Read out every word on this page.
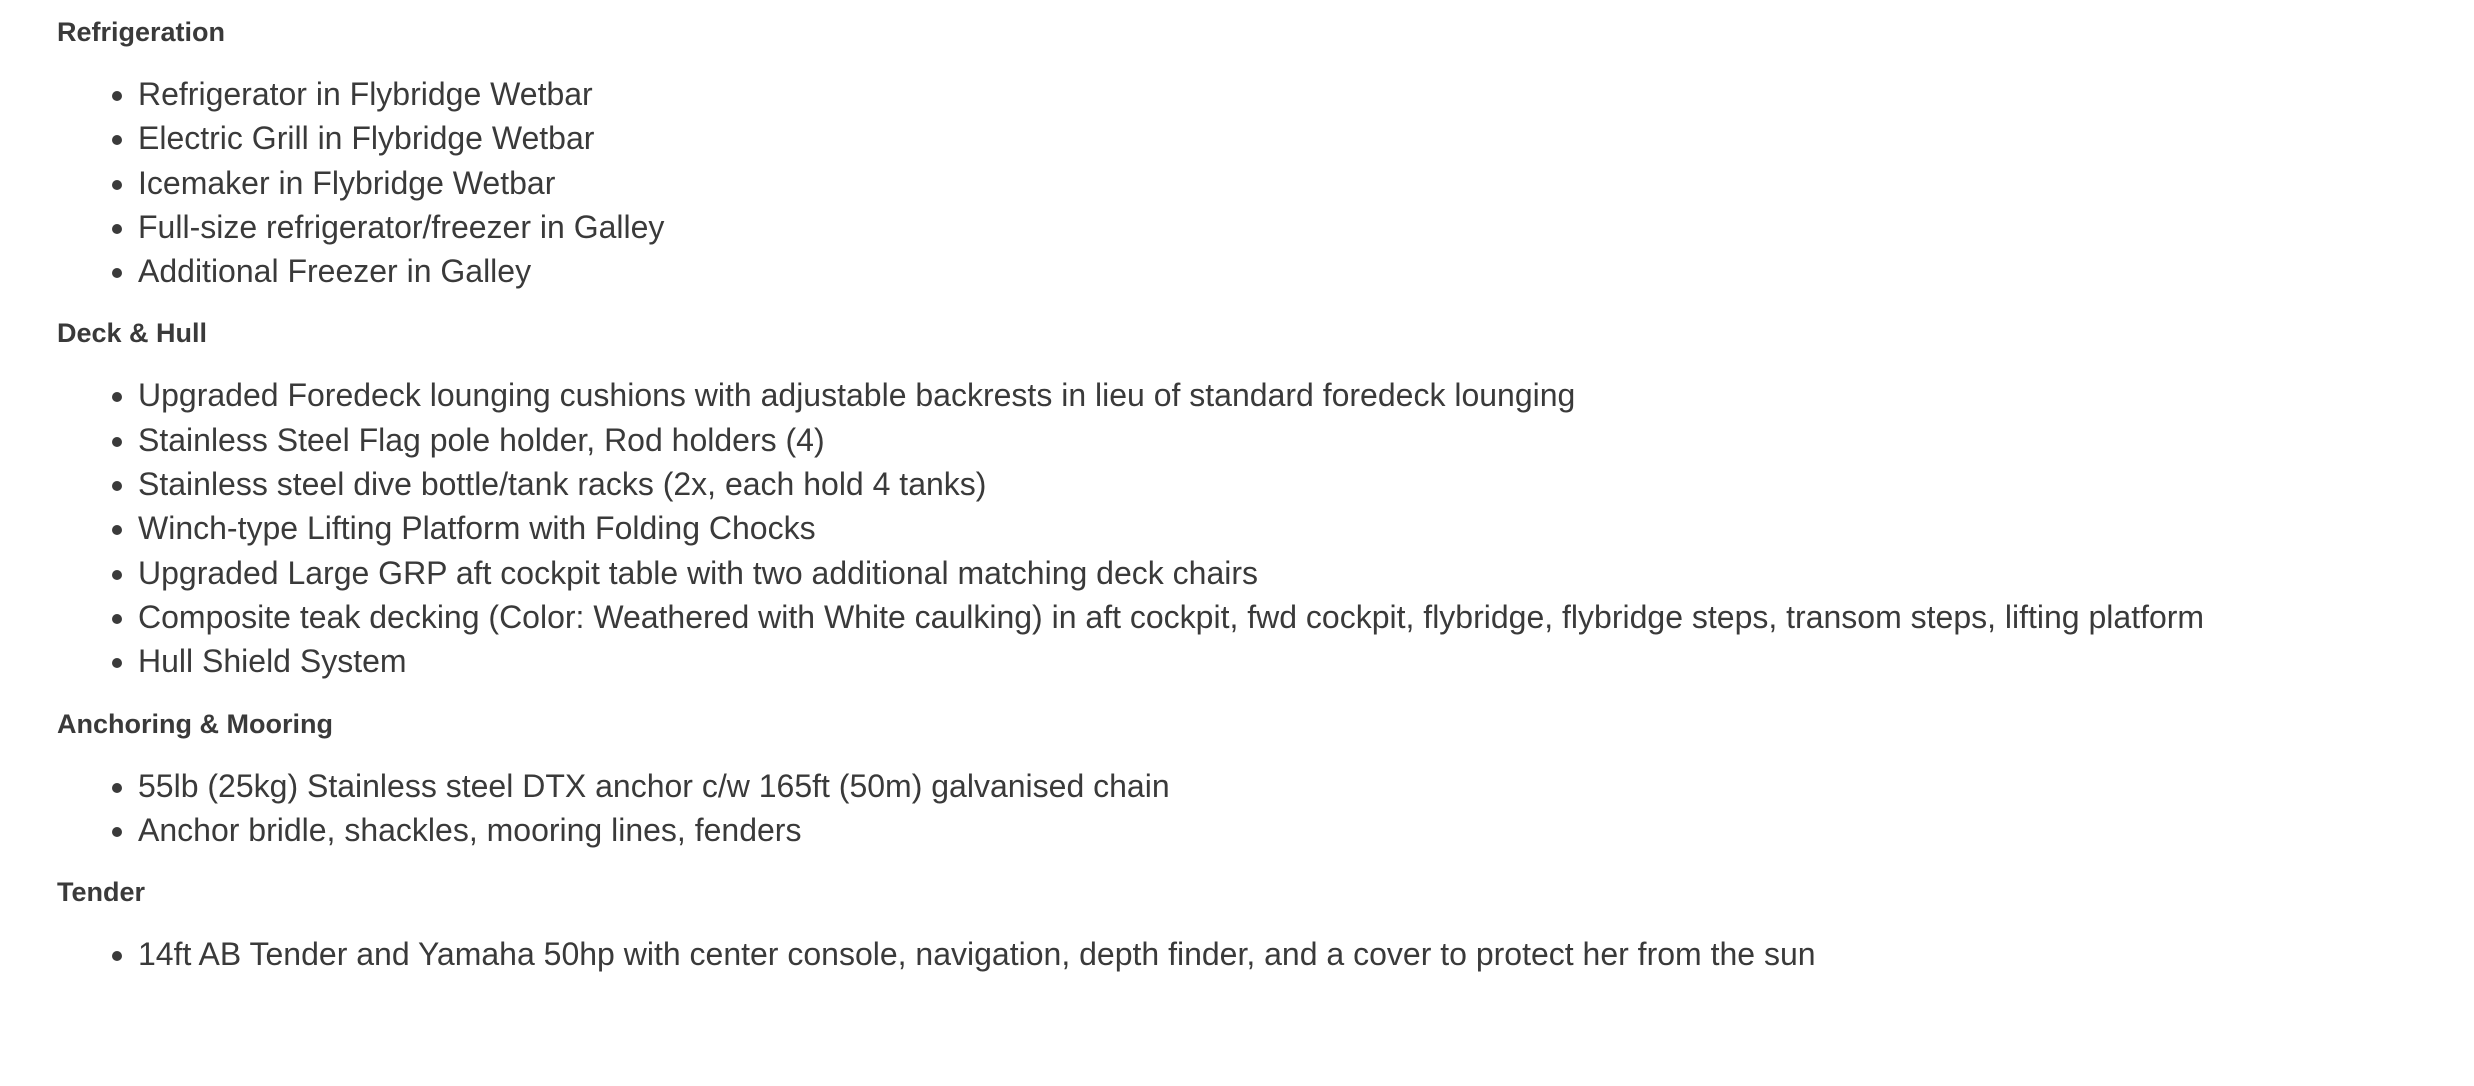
Refrigeration

• Refrigerator in Flybridge Wetbar
• Electric Grill in Flybridge Wetbar
• Icemaker in Flybridge Wetbar
• Full-size refrigerator/freezer in Galley
• Additional Freezer in Galley

Deck & Hull

• Upgraded Foredeck lounging cushions with adjustable backrests in lieu of standard foredeck lounging
• Stainless Steel Flag pole holder, Rod holders (4)
• Stainless steel dive bottle/tank racks (2x, each hold 4 tanks)
• Winch-type Lifting Platform with Folding Chocks
• Upgraded Large GRP aft cockpit table with two additional matching deck chairs
• Composite teak decking (Color: Weathered with White caulking) in aft cockpit, fwd cockpit, flybridge, flybridge steps, transom steps, lifting platform
• Hull Shield System

Anchoring & Mooring

• 55lb (25kg) Stainless steel DTX anchor c/w 165ft (50m) galvanised chain
• Anchor bridle, shackles, mooring lines, fenders

Tender

• 14ft AB Tender and Yamaha 50hp with center console, navigation, depth finder, and a cover to protect her from the sun
